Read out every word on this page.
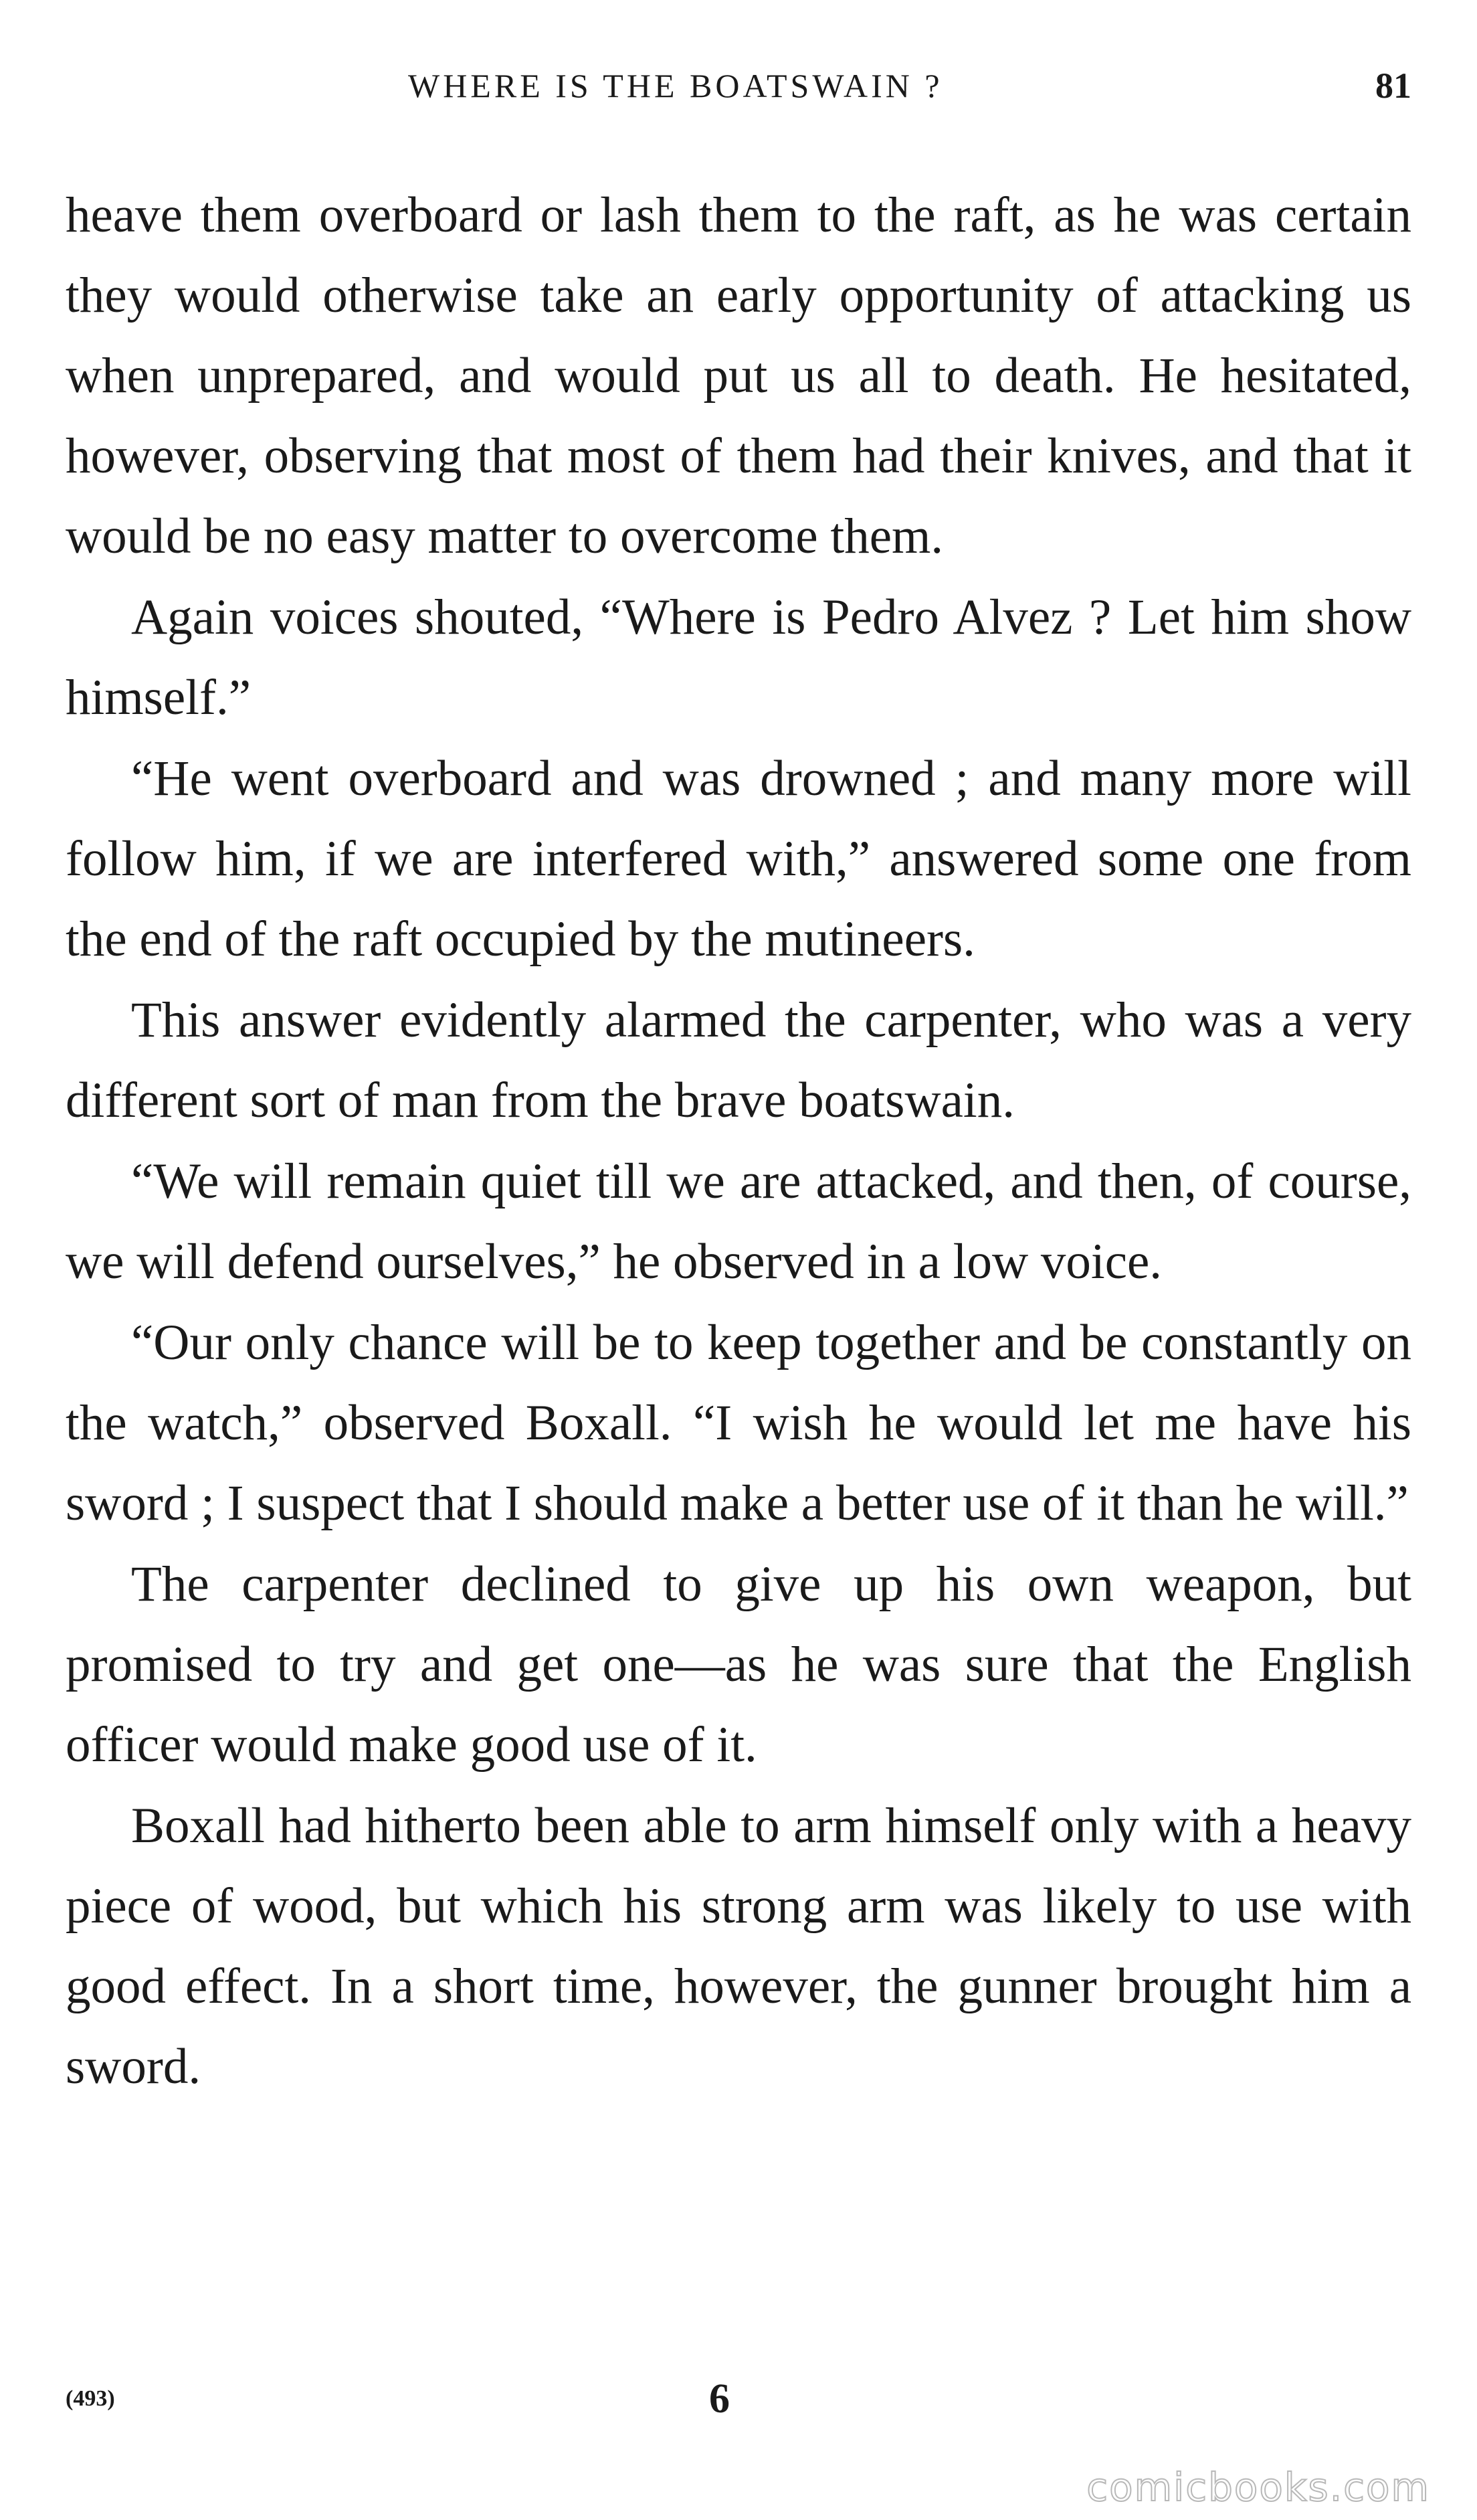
WHERE IS THE BOATSWAIN ?	81

heave them overboard or lash them to the raft, as he was certain they would otherwise take an early opportunity of attacking us when unprepared, and would put us all to death. He hesitated, however, observing that most of them had their knives, and that it would be no easy matter to overcome them.

Again voices shouted, “Where is Pedro Alvez ? Let him show himself.”

“He went overboard and was drowned ; and many more will follow him, if we are interfered with,” answered some one from the end of the raft occupied by the mutineers.

This answer evidently alarmed the carpenter, who was a very different sort of man from the brave boatswain.

“We will remain quiet till we are attacked, and then, of course, we will defend ourselves,” he observed in a low voice.

“Our only chance will be to keep together and be constantly on the watch,” observed Boxall. “I wish he would let me have his sword ; I suspect that I should make a better use of it than he will.”

The carpenter declined to give up his own weapon, but promised to try and get one—as he was sure that the English officer would make good use of it.

Boxall had hitherto been able to arm himself only with a heavy piece of wood, but which his strong arm was likely to use with good effect. In a short time, however, the gunner brought him a sword.

(493)	6
comicbooks.com
